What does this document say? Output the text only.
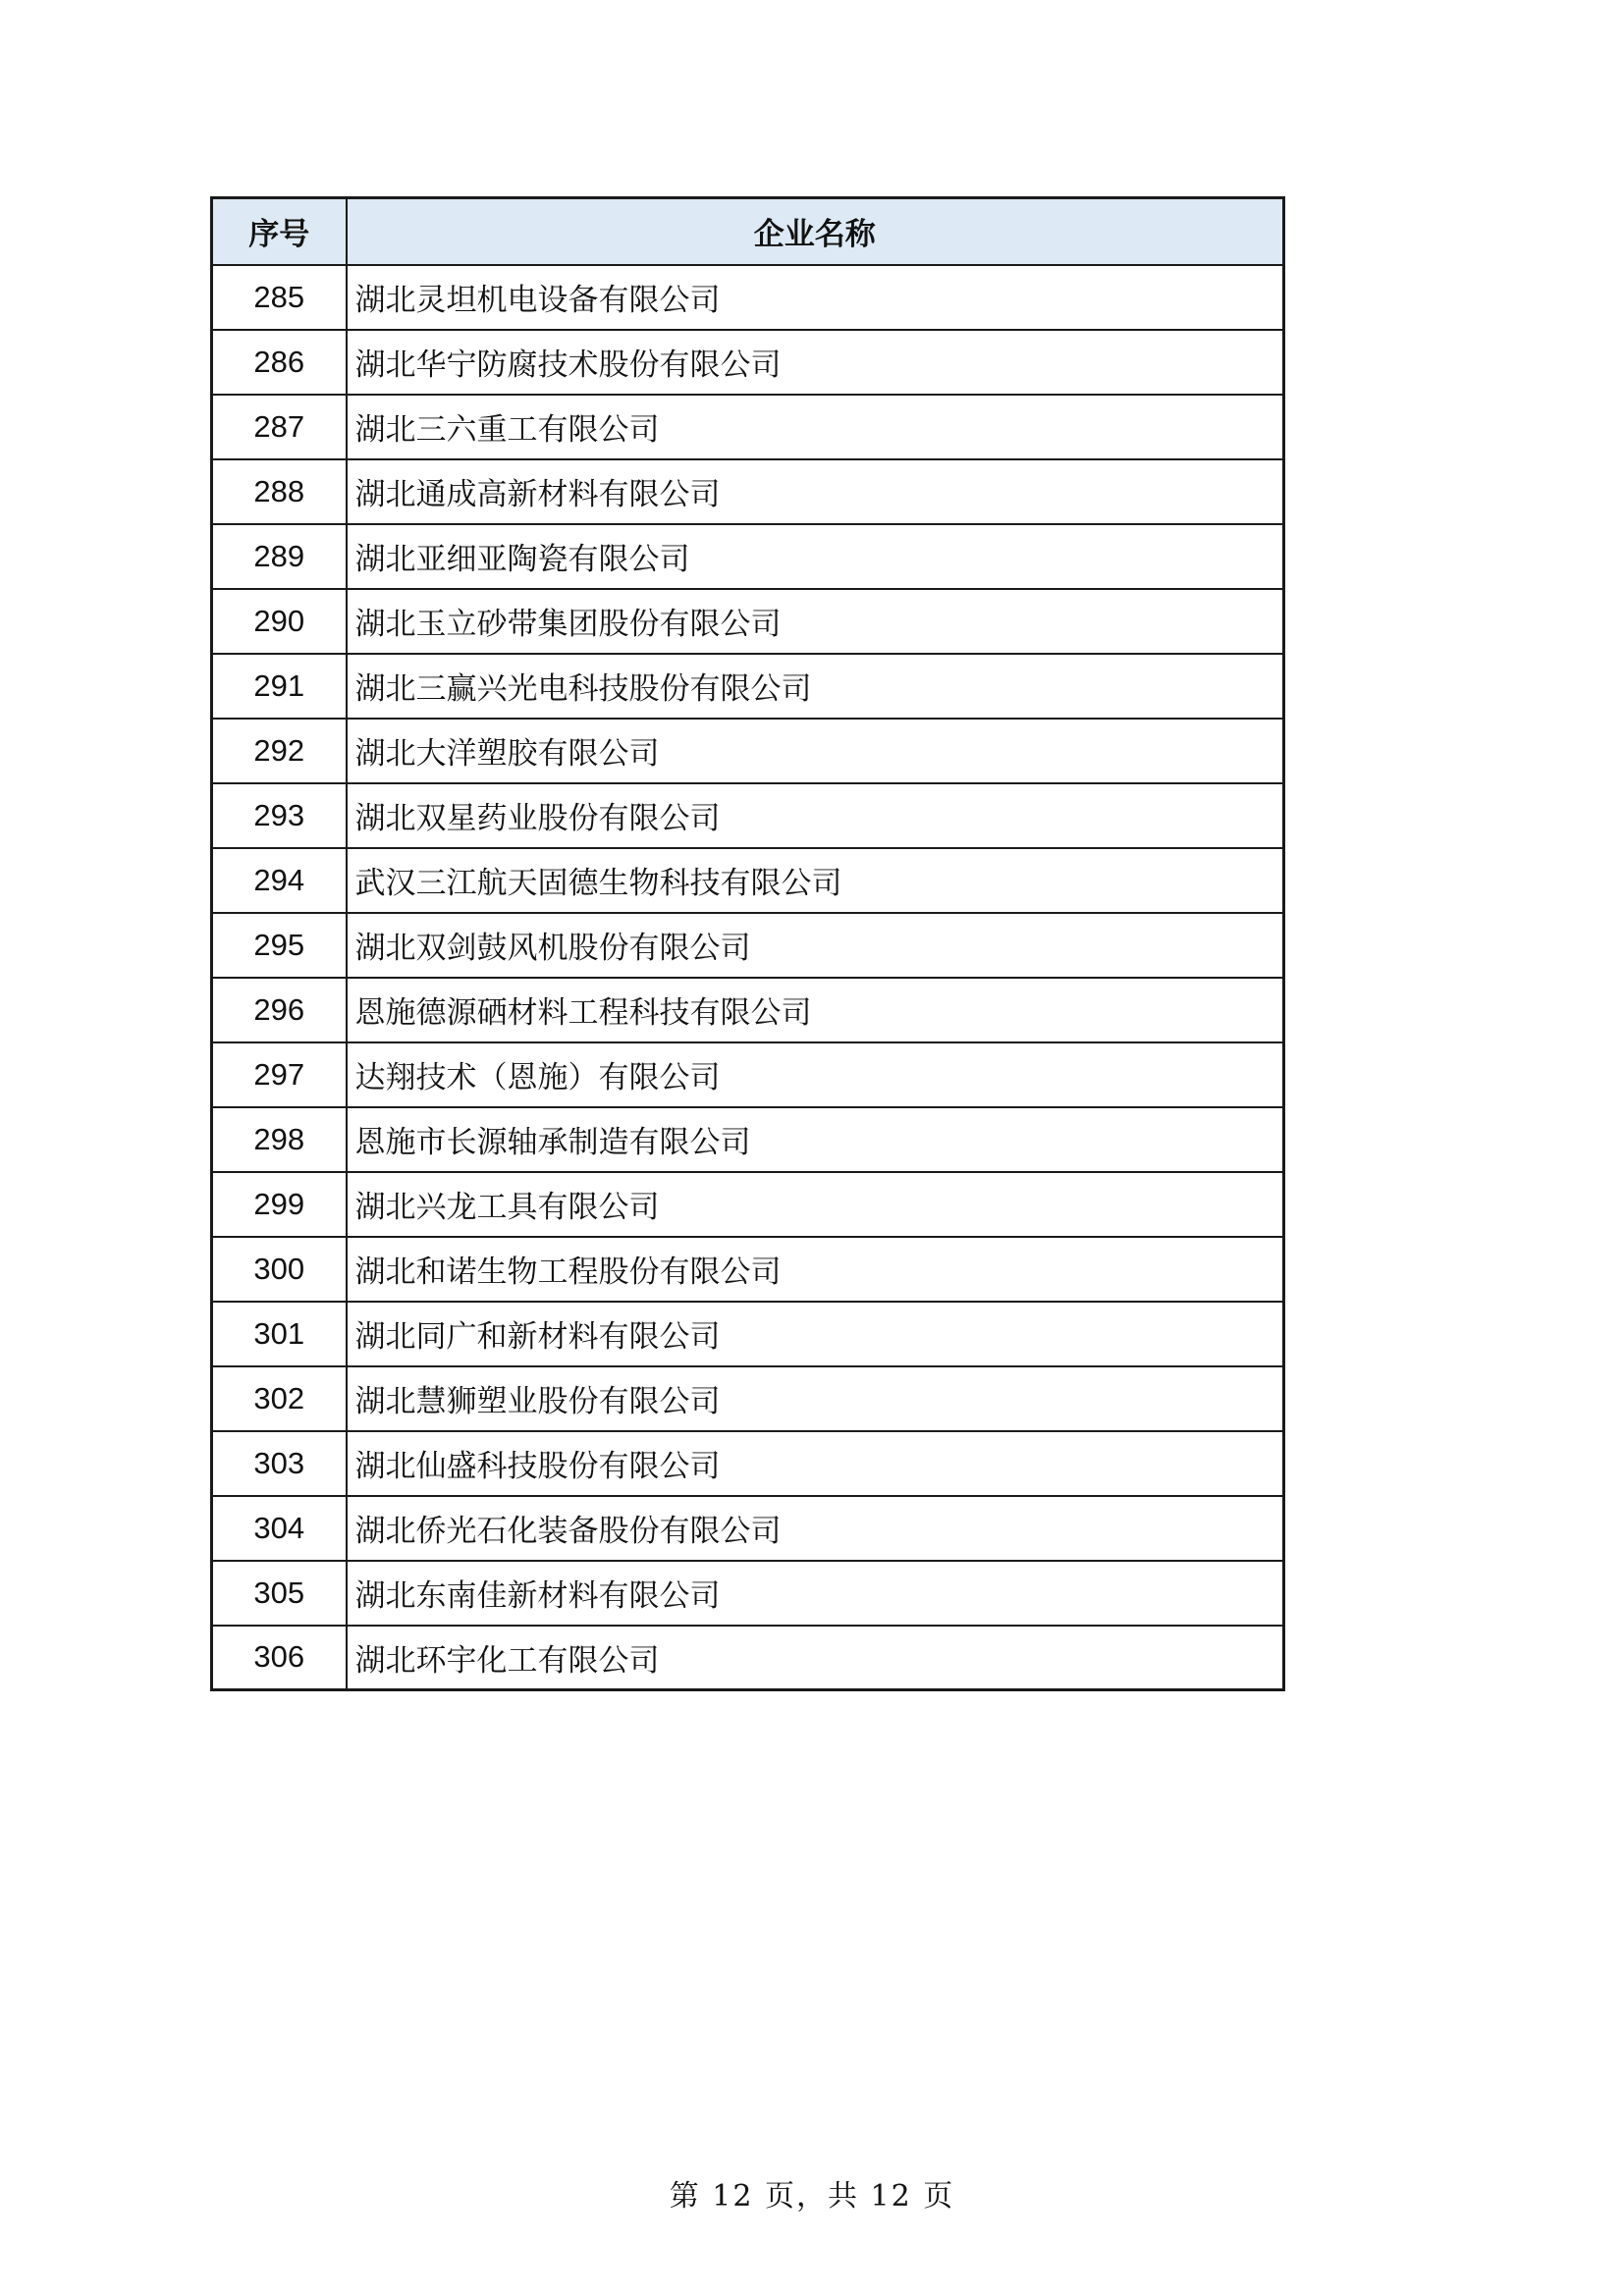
序号	企业名称
285	湖北灵坦机电设备有限公司
286	湖北华宁防腐技术股份有限公司
287	湖北三六重工有限公司
288	湖北通成高新材料有限公司
289	湖北亚细亚陶瓷有限公司
290	湖北玉立砂带集团股份有限公司
291	湖北三赢兴光电科技股份有限公司
292	湖北大洋塑胶有限公司
293	湖北双星药业股份有限公司
294	武汉三江航天固德生物科技有限公司
295	湖北双剑鼓风机股份有限公司
296	恩施德源硒材料工程科技有限公司
297	达翔技术（恩施）有限公司
298	恩施市长源轴承制造有限公司
299	湖北兴龙工具有限公司
300	湖北和诺生物工程股份有限公司
301	湖北同广和新材料有限公司
302	湖北慧狮塑业股份有限公司
303	湖北仙盛科技股份有限公司
304	湖北侨光石化装备股份有限公司
305	湖北东南佳新材料有限公司
306	湖北环宇化工有限公司
第 12 页，共 12 页
